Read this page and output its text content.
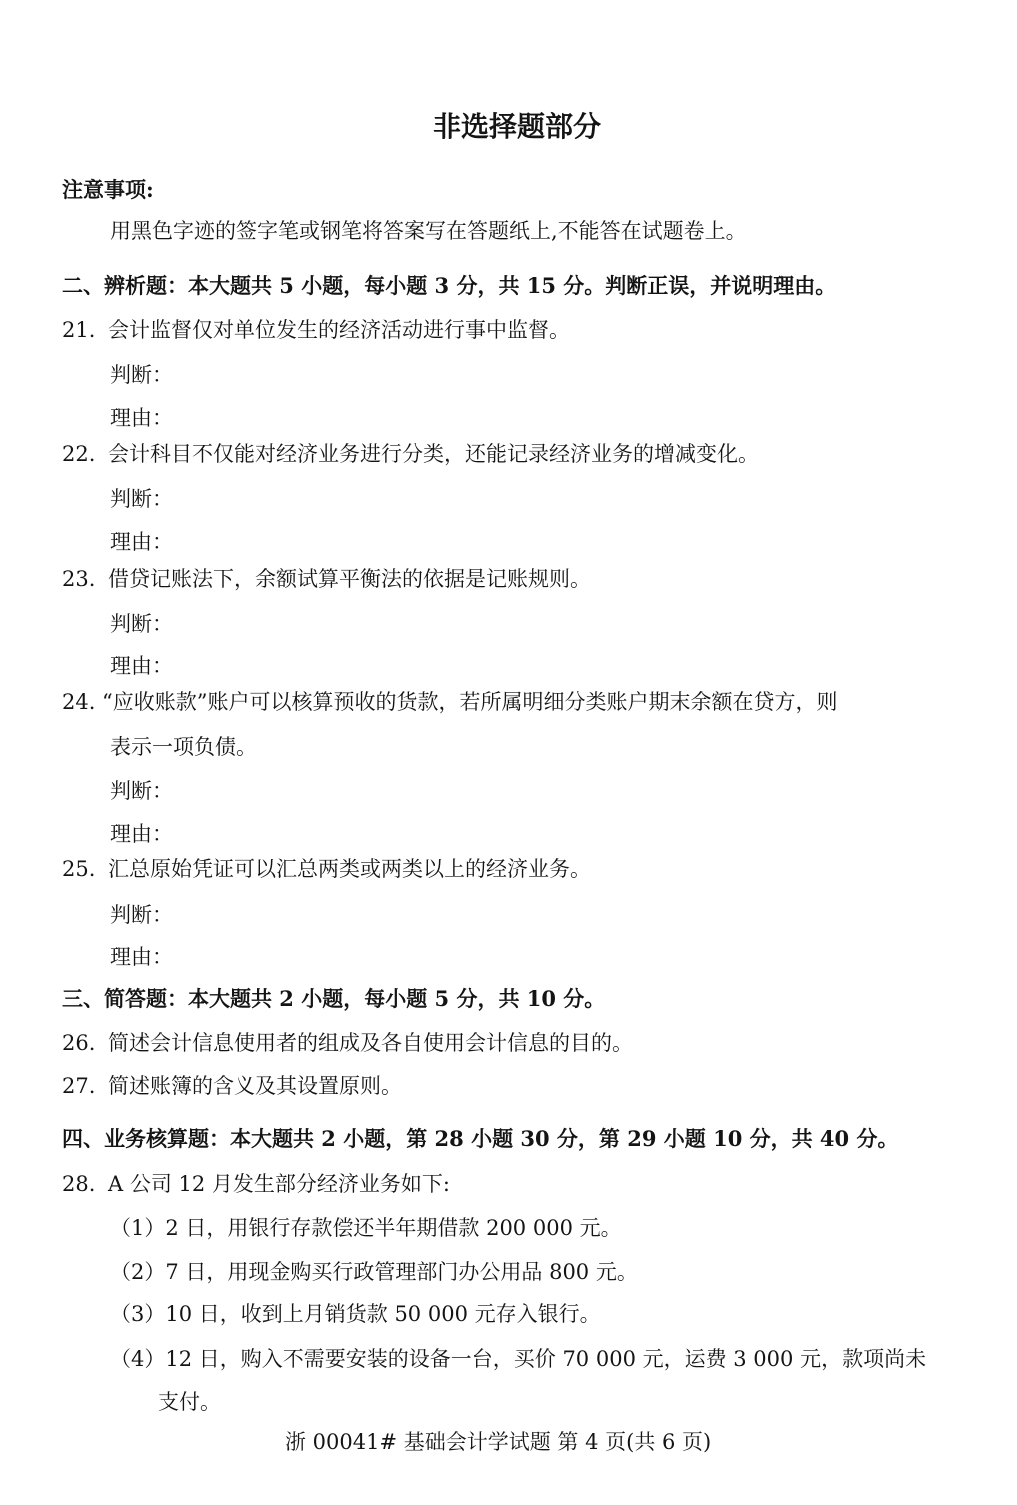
非选择题部分
注意事项:
用黑色字迹的签字笔或钢笔将答案写在答题纸上,不能答在试题卷上。
二、辨析题：本大题共 5 小题，每小题 3 分，共 15 分。判断正误，并说明理由。
21. 会计监督仅对单位发生的经济活动进行事中监督。
判断：
理由：
22. 会计科目不仅能对经济业务进行分类，还能记录经济业务的增减变化。
判断：
理由：
23. 借贷记账法下，余额试算平衡法的依据是记账规则。
判断：
理由：
24. “应收账款”账户可以核算预收的货款，若所属明细分类账户期末余额在贷方，则
表示一项负债。
判断：
理由：
25. 汇总原始凭证可以汇总两类或两类以上的经济业务。
判断：
理由：
三、简答题：本大题共 2 小题，每小题 5 分，共 10 分。
26. 简述会计信息使用者的组成及各自使用会计信息的目的。
27. 简述账簿的含义及其设置原则。
四、业务核算题：本大题共 2 小题，第 28 小题 30 分，第 29 小题 10 分，共 40 分。
28. A 公司 12 月发生部分经济业务如下:
（1）2 日，用银行存款偿还半年期借款 200 000 元。
（2）7 日，用现金购买行政管理部门办公用品 800 元。
（3）10 日，收到上月销货款 50 000 元存入银行。
（4）12 日，购入不需要安装的设备一台，买价 70 000 元，运费 3 000 元，款项尚未
支付。
浙 00041# 基础会计学试题 第 4 页(共 6 页)
